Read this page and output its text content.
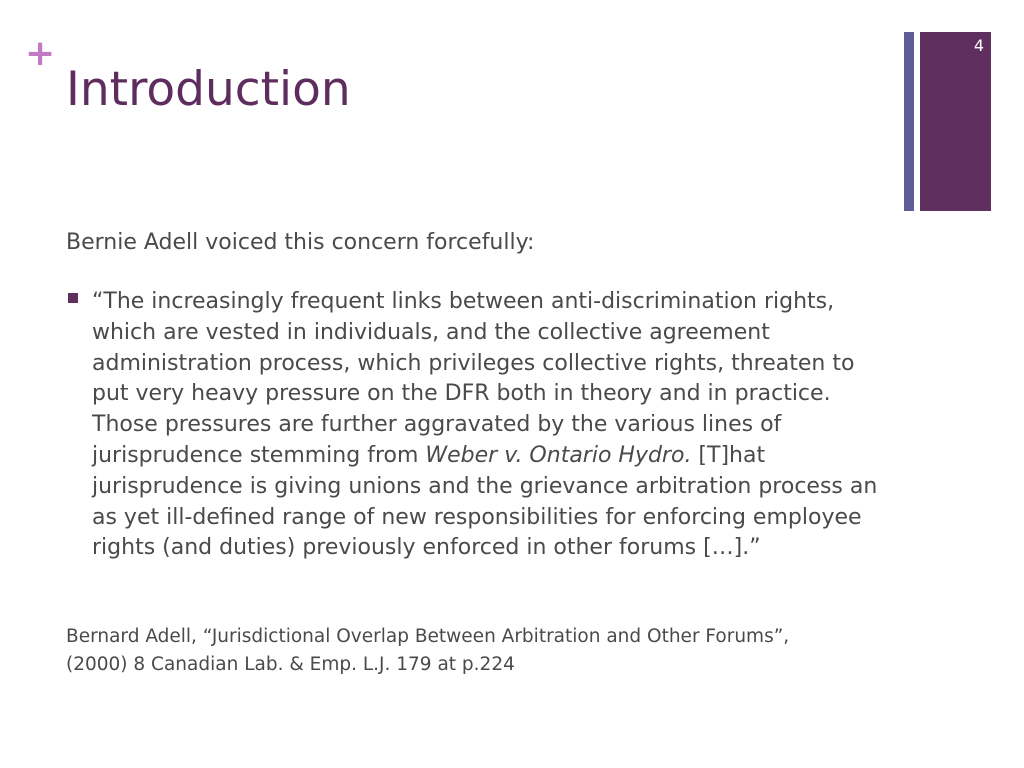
+
Introduction
4

Bernie Adell voiced this concern forcefully:

“The increasingly frequent links between anti-discrimination rights, which are vested in individuals, and the collective agreement administration process, which privileges collective rights, threaten to put very heavy pressure on the DFR both in theory and in practice. Those pressures are further aggravated by the various lines of jurisprudence stemming from Weber v. Ontario Hydro. [T]hat jurisprudence is giving unions and the grievance arbitration process an as yet ill-defined range of new responsibilities for enforcing employee rights (and duties) previously enforced in other forums […].”

Bernard Adell, “Jurisdictional Overlap Between Arbitration and Other Forums”, (2000) 8 Canadian Lab. & Emp. L.J. 179 at p.224
